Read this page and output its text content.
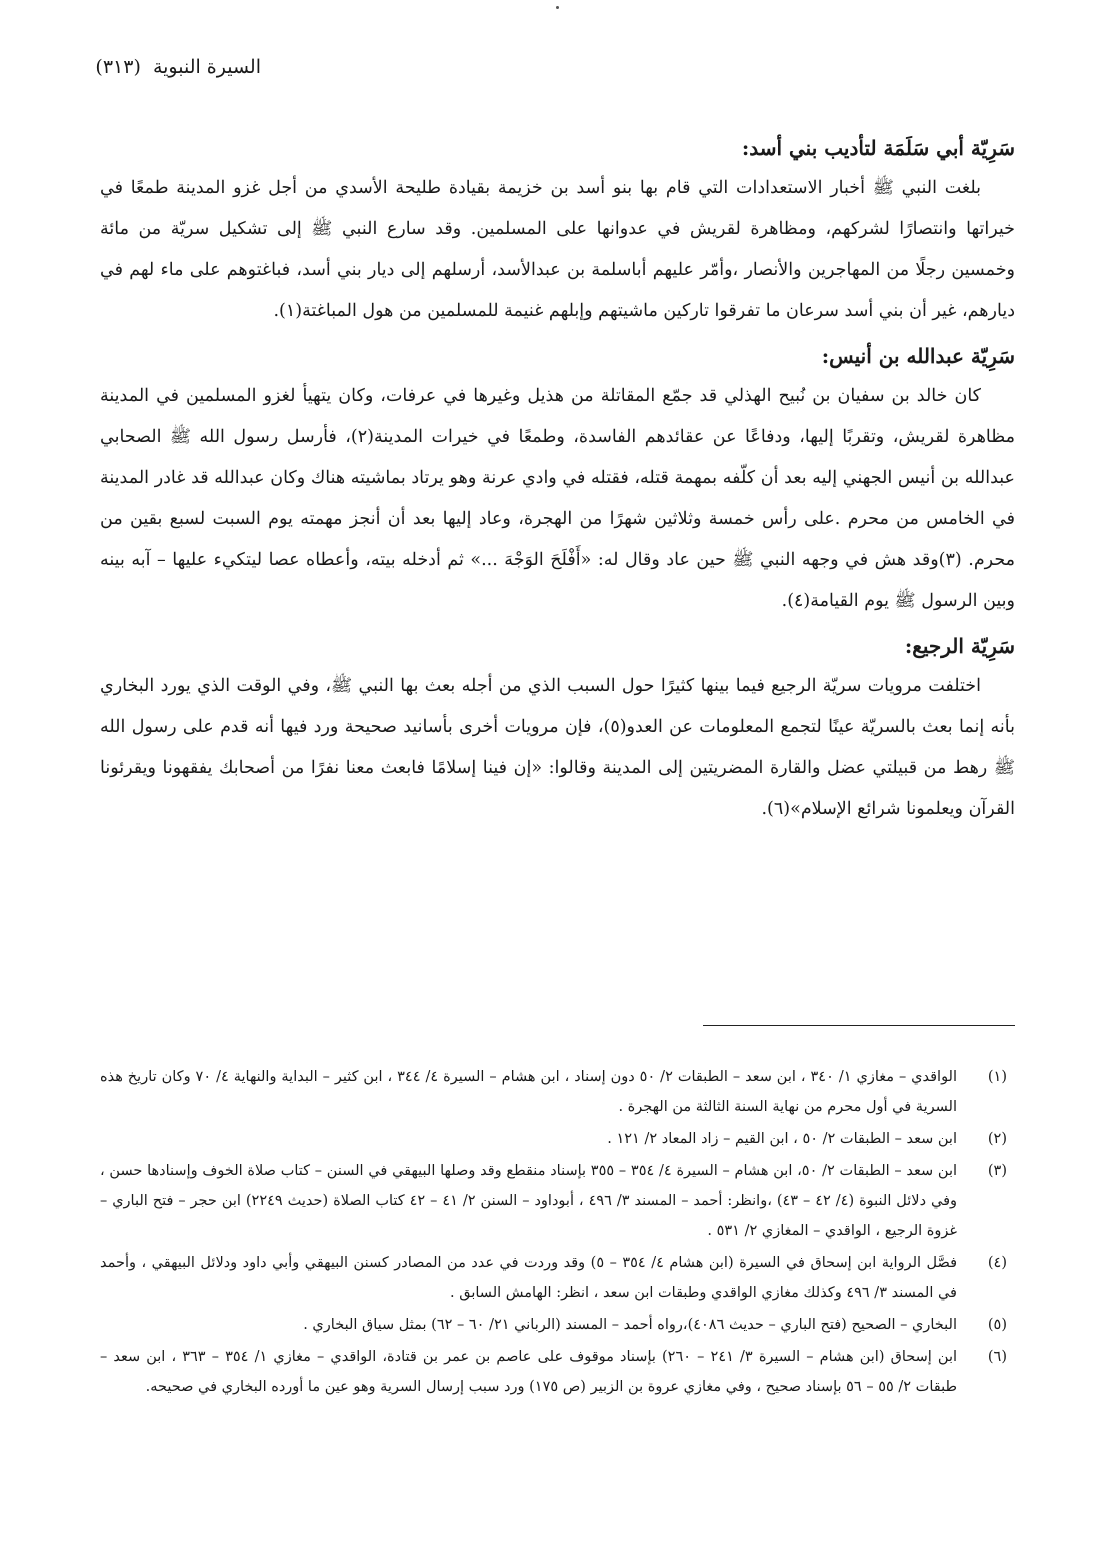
السيرة النبوية (٣١٣)
سَرِيّة أبي سَلَمَة لتأديب بني أسد:

بلغت النبي ﷺ أخبار الاستعدادات التي قام بها بنو أسد بن خزيمة بقيادة طليحة الأسدي من أجل غزو المدينة طمعًا في خيراتها وانتصارًا لشركهم، ومظاهرة لقريش في عدوانها على المسلمين. وقد سارع النبي ﷺ إلى تشكيل سريّة من مائة وخمسين رجلًا من المهاجرين والأنصار ،وأمّر عليهم أباسلمة بن عبدالأسد، أرسلهم إلى ديار بني أسد، فباغتوهم على ماء لهم في ديارهم، غير أن بني أسد سرعان ما تفرقوا تاركين ماشيتهم وإبلهم غنيمة للمسلمين من هول المباغتة(١).

سَرِيّة عبدالله بن أنيس:

كان خالد بن سفيان بن نُبيح الهذلي قد جمّع المقاتلة من هذيل وغيرها في عرفات، وكان يتهيأ لغزو المسلمين في المدينة مظاهرة لقريش، وتقربًا إليها، ودفاعًا عن عقائدهم الفاسدة، وطمعًا في خيرات المدينة(٢)، فأرسل رسول الله ﷺ الصحابي عبدالله بن أنيس الجهني إليه بعد أن كلّفه بمهمة قتله، فقتله في وادي عرنة وهو يرتاد بماشيته هناك وكان عبدالله قد غادر المدينة في الخامس من محرم .على رأس خمسة وثلاثين شهرًا من الهجرة، وعاد إليها بعد أن أنجز مهمته يوم السبت لسبع بقين من محرم. (٣)وقد هش في وجهه النبي ﷺ حين عاد وقال له: «أَفْلَحَ الوَجْهَ ...» ثم أدخله بيته، وأعطاه عصا ليتكيء عليها – آبه بينه وبين الرسول ﷺ يوم القيامة(٤).

سَرِيّة الرجيع:

اختلفت مرويات سريّة الرجيع فيما بينها كثيرًا حول السبب الذي من أجله بعث بها النبي ﷺ، وفي الوقت الذي يورد البخاري بأنه إنما بعث بالسريّة عينًا لتجمع المعلومات عن العدو(٥)، فإن مرويات أخرى بأسانيد صحيحة ورد فيها أنه قدم على رسول الله ﷺ رهط من قبيلتي عضل والقارة المضريتين إلى المدينة وقالوا: «إن فينا إسلامًا فابعث معنا نفرًا من أصحابك يفقهونا ويقرئونا القرآن ويعلمونا شرائع الإسلام»(٦).

(١)
الواقدي – مغازي ١/ ٣٤٠ ، ابن سعد – الطبقات ٢/ ٥٠ دون إسناد ، ابن هشام – السيرة ٤/ ٣٤٤ ، ابن كثير – البداية والنهاية ٤/ ٧٠ وكان تاريخ هذه السرية في أول محرم من نهاية السنة الثالثة من الهجرة .
(٢)
ابن سعد – الطبقات ٢/ ٥٠ ، ابن القيم – زاد المعاد ٢/ ١٢١ .
(٣)
ابن سعد – الطبقات ٢/ ٥٠، ابن هشام – السيرة ٤/ ٣٥٤ – ٣٥٥ بإسناد منقطع وقد وصلها البيهقي في السنن – كتاب صلاة الخوف وإسنادها حسن ، وفي دلائل النبوة (٤/ ٤٢ – ٤٣) ،وانظر: أحمد – المسند ٣/ ٤٩٦ ، أبوداود – السنن ٢/ ٤١ – ٤٢ كتاب الصلاة (حديث ٢٢٤٩) ابن حجر – فتح الباري – غزوة الرجيع ، الواقدي – المغازي ٢/ ٥٣١ .
(٤)
فصَّل الرواية ابن إسحاق في السيرة (ابن هشام ٤/ ٣٥٤ – ٥) وقد وردت في عدد من المصادر كسنن البيهقي وأبي داود ودلائل البيهقي ، وأحمد في المسند ٣/ ٤٩٦ وكذلك مغازي الواقدي وطبقات ابن سعد ، انظر: الهامش السابق .
(٥)
البخاري – الصحيح (فتح الباري – حديث ٤٠٨٦)،رواه أحمد – المسند (الرباني ٢١/ ٦٠ – ٦٢) بمثل سياق البخاري .
(٦)
ابن إسحاق (ابن هشام – السيرة ٣/ ٢٤١ – ٢٦٠) بإسناد موقوف على عاصم بن عمر بن قتادة، الواقدي – مغازي ١/ ٣٥٤ – ٣٦٣ ، ابن سعد – طبقات ٢/ ٥٥ – ٥٦ بإسناد صحيح ، وفي مغازي عروة بن الزبير (ص ١٧٥) ورد سبب إرسال السرية وهو عين ما أورده البخاري في صحيحه.
